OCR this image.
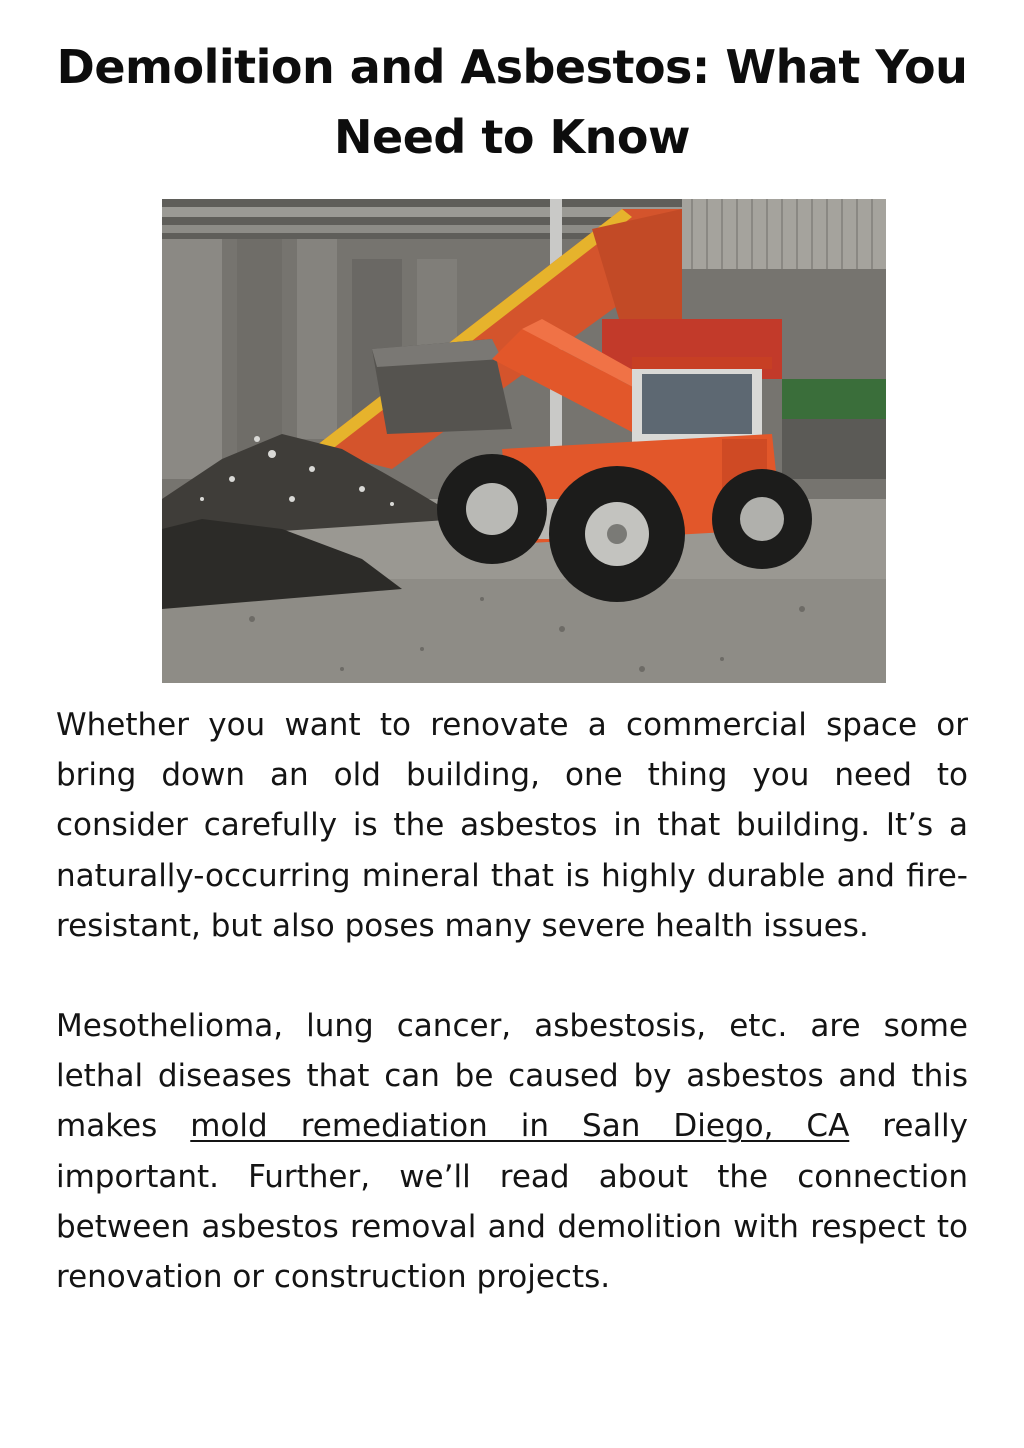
Demolition and Asbestos: What You Need to Know

Whether you want to renovate a commercial space or bring down an old building, one thing you need to consider carefully is the asbestos in that building. It’s a naturally-occurring mineral that is highly durable and fire-resistant, but also poses many severe health issues.

Mesothelioma, lung cancer, asbestosis, etc. are some lethal diseases that can be caused by asbestos and this makes mold remediation in San Diego, CA really important. Further, we’ll read about the connection between asbestos removal and demolition with respect to renovation or construction projects.
